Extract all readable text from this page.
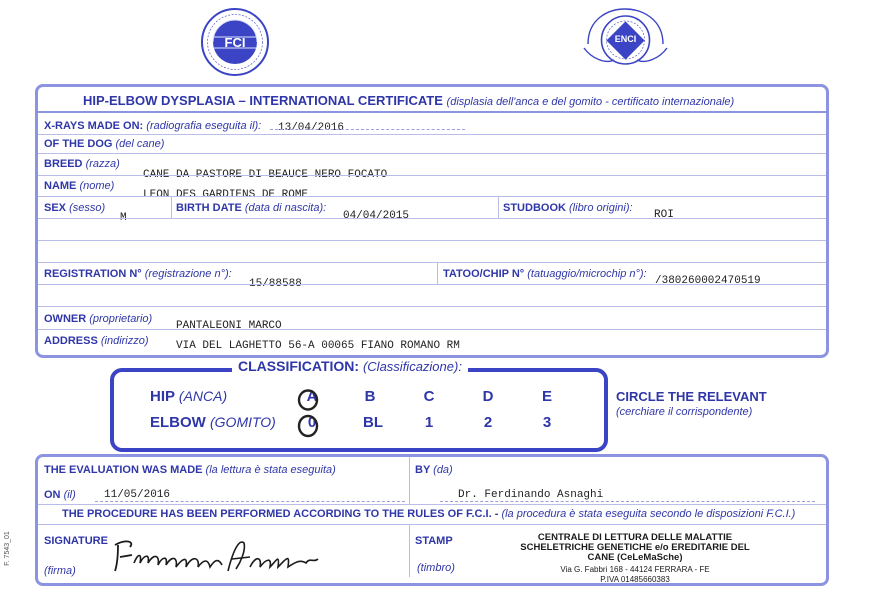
FCI	ENCI
HIP-ELBOW DYSPLASIA – INTERNATIONAL CERTIFICATE (displasia dell'anca e del gomito - certificato internazionale)
X-RAYS MADE ON: (radiografia eseguita il): 13/04/2016
OF THE DOG (del cane)
BREED (razza)
CANE DA PASTORE DI BEAUCE NERO FOCATO
NAME (nome)
LEON DES GARDIENS DE ROME
SEX (sesso)
M
BIRTH DATE (data di nascita):
04/04/2015
STUDBOOK (libro origini):
ROI
REGISTRATION N° (registrazione n°):
15/88588
TATOO/CHIP N° (tatuaggio/microchip n°):
/380260002470519
OWNER (proprietario)
PANTALEONI MARCO
ADDRESS (indirizzo) VIA DEL LAGHETTO 56-A 00065 FIANO ROMANO RM
CLASSIFICATION: (Classificazione):
HIP (ANCA)
ELBOW (GOMITO)
A	B	C	D	E
0	BL	1	2	3
CIRCLE THE RELEVANT
(cerchiare il corrispondente)
THE EVALUATION WAS MADE (la lettura è stata eseguita)	BY (da)
ON (il)	11/05/2016	Dr. Ferdinando Asnaghi
THE PROCEDURE HAS BEEN PERFORMED ACCORDING TO THE RULES OF F.C.I. - (la procedura è stata eseguita secondo le disposizioni F.C.I.)
SIGNATURE
(firma)
STAMP
(timbro)
CENTRALE DI LETTURA DELLE MALATTIE
SCHELETRICHE GENETICHE e/o EREDITARIE DEL
CANE (CeLeMaSche)
Via G. Fabbri 168 - 44124 FERRARA - FE
P.IVA 01485660383
F. 7543_01
